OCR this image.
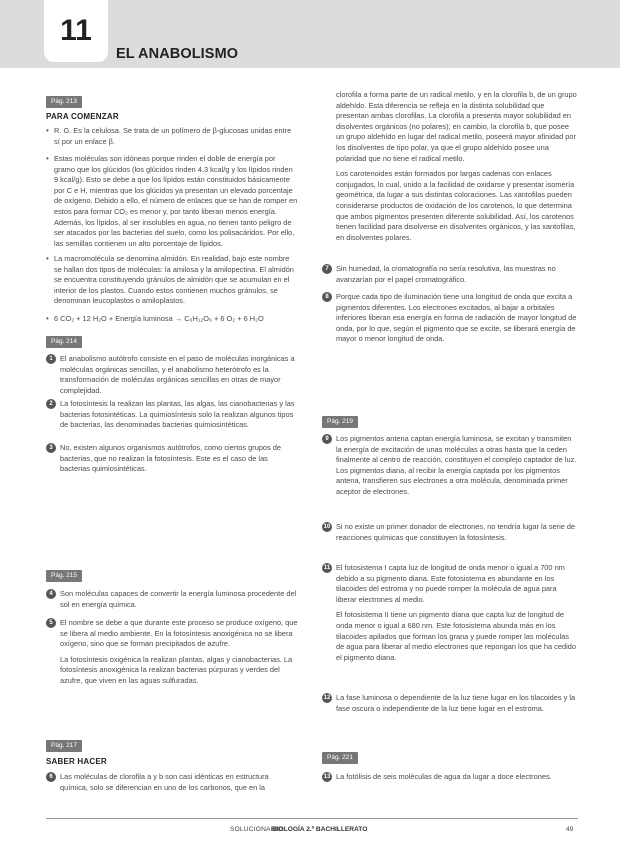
11
EL ANABOLISMO
Pág. 213
PARA COMENZAR
• R. G. Es la celulosa. Se trata de un polímero de β-glucosas unidas entre sí por un enlace β.

• Estas moléculas son idóneas porque rinden el doble de energía por gramo que los glúcidos (los glúcidos rinden 4,3 kcal/g y los lípidos rinden 9 kcal/g). Esto se debe a que los lípidos están constituidos básicamente por C e H, mientras que los glúcidos ya presentan un elevado porcentaje de oxígeno. Debido a ello, el número de enlaces que se han de romper en estos para formar CO₂ es menor y, por tanto liberan menos energía. Además, los lípidos, al ser insolubles en agua, no tienen tanto peligro de ser atacados por las bacterias del suelo, como los polisacáridos. Por ello, las semillas contienen un alto porcentaje de lípidos.

• La macromolécula se denomina almidón. En realidad, bajo este nombre se hallan dos tipos de moléculas: la amilosa y la amilopectina. El almidón se encuentra constituyendo gránulos de almidón que se acumulan en el interior de los plastos. Cuando estos contienen muchos gránulos, se denominan leucoplastos o amiloplastos.

• 6 CO₂ + 12 H₂O + Energía luminosa → C₆H₁₂O₆ + 6 O₂ + 6 H₂O

Pág. 214
1 El anabolismo autótrofo consiste en el paso de moléculas inorgánicas a moléculas orgánicas sencillas, y el anabolismo heterótrofo es la transformación de moléculas orgánicas sencillas en otras de mayor complejidad.

2 La fotosíntesis la realizan las plantas, las algas, las cianobacterias y las bacterias fotosintéticas. La quimiosíntesis solo la realizan algunos tipos de bacterias, las denominadas bacterias quimiosintéticas.

3 No, existen algunos organismos autótrofos, como ciertos grupos de bacterias, que no realizan la fotosíntesis. Este es el caso de las bacterias quimiosintéticas.

Pág. 215
4 Son moléculas capaces de convertir la energía luminosa procedente del sol en energía química.

5 El nombre se debe a que durante este proceso se produce oxígeno, que se libera al medio ambiente. En la fotosíntesis anoxigénica no se libera oxígeno, sino que se forman precipitados de azufre.

La fotosíntesis oxigénica la realizan plantas, algas y cianobacterias. La fotosíntesis anoxigénica la realizan bacterias púrpuras y verdes del azufre, que viven en las aguas sulfuradas.

Pág. 217
SABER HACER
6 Las moléculas de clorofila a y b son casi idénticas en estructura química, solo se diferencian en uno de los carbonos, que en la

clorofila a forma parte de un radical metilo, y en la clorofila b, de un grupo aldehído. Esta diferencia se refleja en la distinta solubilidad que presentan ambas clorofilas. La clorofila a presenta mayor solubilidad en disolventes orgánicos (no polares); en cambio, la clorofila b, que posee un grupo aldehído en lugar del radical metilo, poseerá mayor afinidad por los disolventes de tipo polar, ya que el grupo aldehído posee una polaridad que no tiene el radical metilo.

Los carotenoides están formados por largas cadenas con enlaces conjugados, lo cual, unido a la facilidad de oxidarse y presentar isomería geométrica, da lugar a sus distintas coloraciones. Las xantofilas pueden considerarse productos de oxidación de los carotenos, lo que determina que ambos pigmentos presenten diferente solubilidad. Así, los carotenos tienen facilidad para disolverse en disolventes orgánicos, y las xantofilas, en disolventes polares.

7 Sin humedad, la cromatografía no sería resolutiva, las muestras no avanzarían por el papel cromatográfico.

8 Porque cada tipo de iluminación tiene una longitud de onda que excita a pigmentos diferentes. Los electrones excitados, al bajar a orbitales inferiores liberan esa energía en forma de radiación de mayor longitud de onda, por lo que, según el pigmento que se excite, se liberará energía de mayor o menor longitud de onda.

Pág. 219
9 Los pigmentos antena captan energía luminosa, se excitan y transmiten la energía de excitación de unas moléculas a otras hasta que la ceden finalmente al centro de reacción, constituyen el complejo captador de luz. Los pigmentos diana, al recibir la energía captada por los pigmentos antena, transfieren sus electrones a otra molécula, denominada primer aceptor de electrones.

10 Si no existe un primer donador de electrones, no tendría lugar la serie de reacciones químicas que constituyen la fotosíntesis.

11 El fotosistema I capta luz de longitud de onda menor o igual a 700 nm debido a su pigmento diana. Este fotosistema es abundante en los tilacoides del estroma y no puede romper la molécula de agua para liberar electrones al medio.

El fotosistema II tiene un pigmento diana que capta luz de longitud de onda menor o igual a 680 nm. Este fotosistema abunda más en los tilacoides apilados que forman los grana y puede romper las moléculas de agua para liberar al medio electrones que repongan los que ha cedido el pigmento diana.

12 La fase luminosa o dependiente de la luz tiene lugar en los tilacoides y la fase oscura o independiente de la luz tiene lugar en el estroma.

Pág. 221
13 La fotólisis de seis moléculas de agua da lugar a doce electrones.

SOLUCIONARIO
BIOLOGÍA 2.º BACHILLERATO	49
